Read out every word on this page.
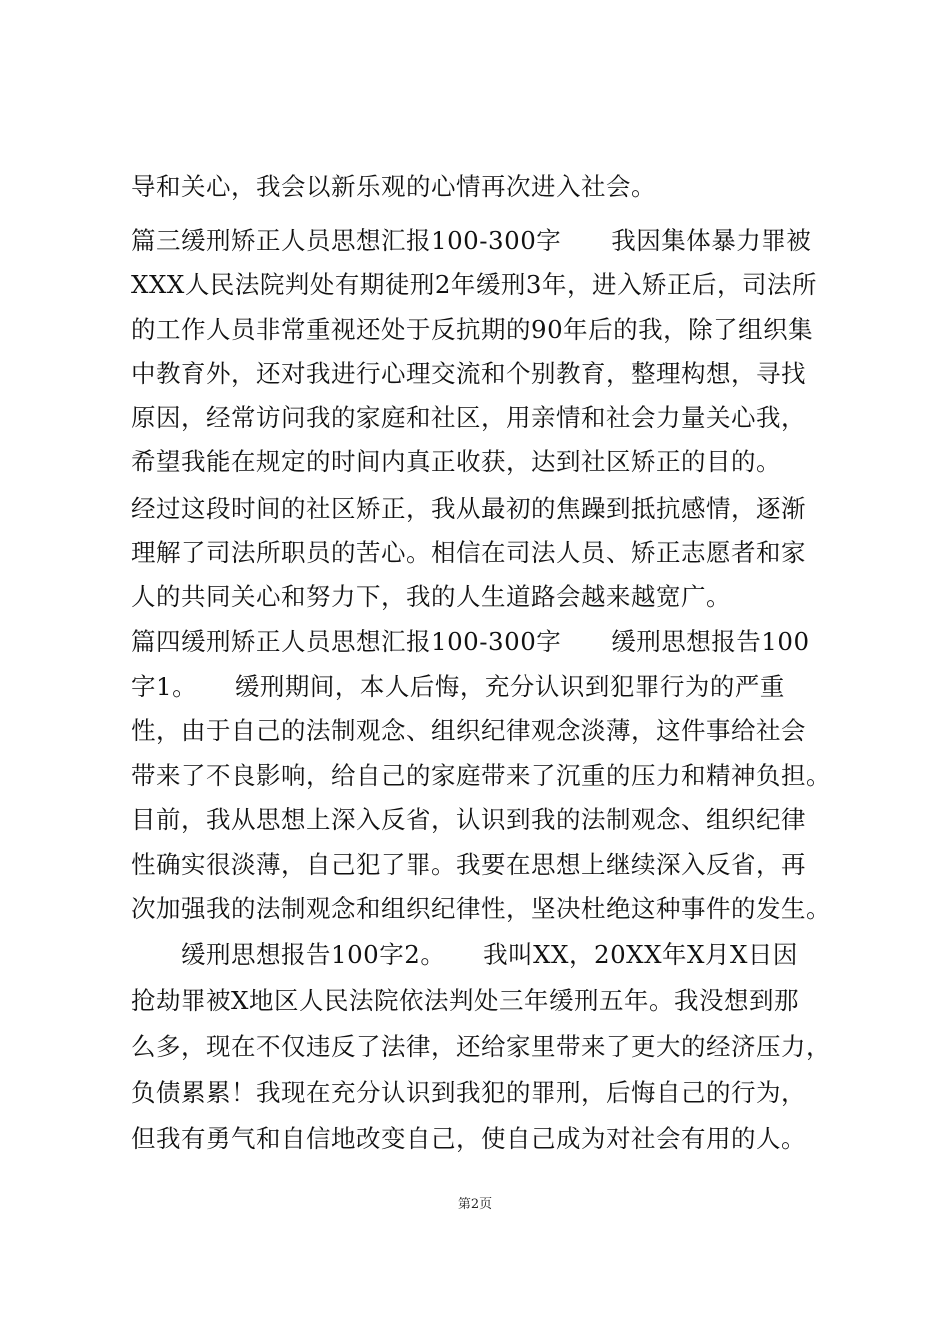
导和关心，我会以新乐观的心情再次进入社会。
篇三缓刑矫正人员思想汇报100-300字　　我因集体暴力罪被
XXX人民法院判处有期徒刑2年缓刑3年，进入矫正后，司法所
的工作人员非常重视还处于反抗期的90年后的我，除了组织集
中教育外，还对我进行心理交流和个别教育，整理构想，寻找
原因，经常访问我的家庭和社区，用亲情和社会力量关心我，
希望我能在规定的时间内真正收获，达到社区矫正的目的。
经过这段时间的社区矫正，我从最初的焦躁到抵抗感情，逐渐
理解了司法所职员的苦心。相信在司法人员、矫正志愿者和家
人的共同关心和努力下，我的人生道路会越来越宽广。
篇四缓刑矫正人员思想汇报100-300字　　缓刑思想报告100
字1。　　缓刑期间，本人后悔，充分认识到犯罪行为的严重
性，由于自己的法制观念、组织纪律观念淡薄，这件事给社会
带来了不良影响，给自己的家庭带来了沉重的压力和精神负担。
目前，我从思想上深入反省，认识到我的法制观念、组织纪律
性确实很淡薄，自己犯了罪。我要在思想上继续深入反省，再
次加强我的法制观念和组织纪律性，坚决杜绝这种事件的发生。
　　缓刑思想报告100字2。　　我叫XX，20XX年X月X日因
抢劫罪被X地区人民法院依法判处三年缓刑五年。我没想到那
么多，现在不仅违反了法律，还给家里带来了更大的经济压力，
负债累累！我现在充分认识到我犯的罪刑，后悔自己的行为，
但我有勇气和自信地改变自己，使自己成为对社会有用的人。
第2页
